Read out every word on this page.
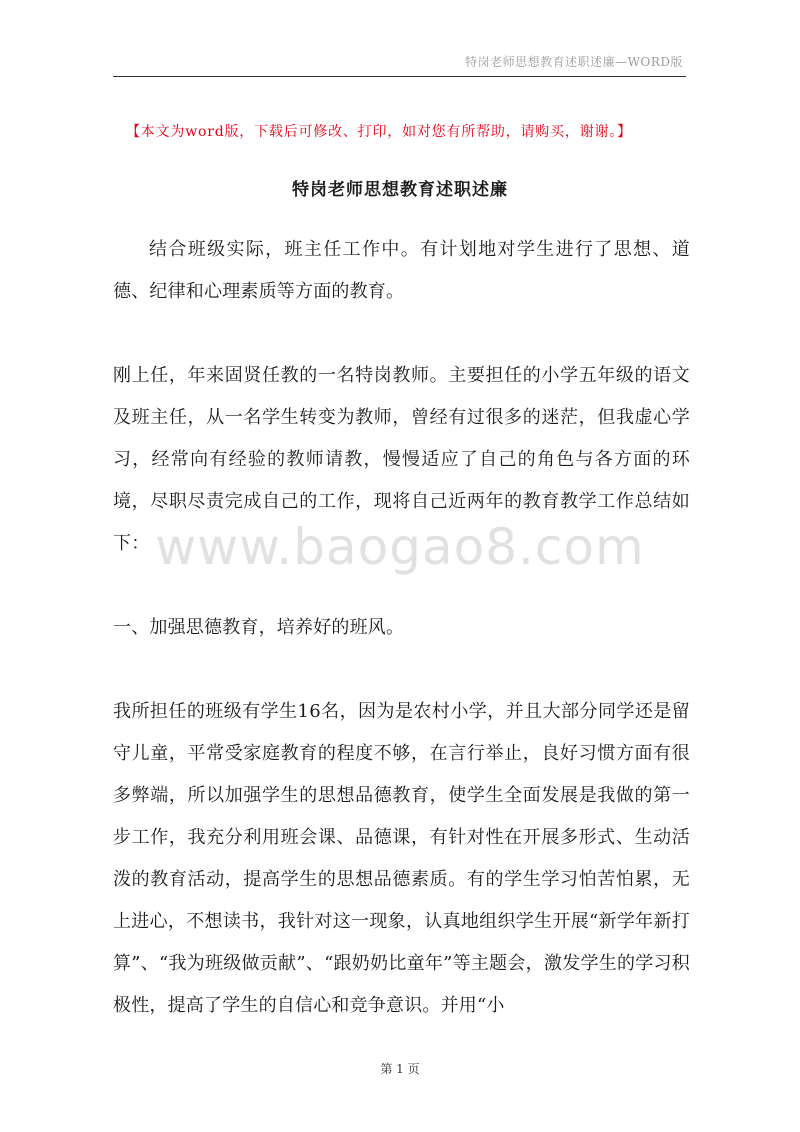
特岗老师思想教育述职述廉—WORD版
【本文为word版，下载后可修改、打印，如对您有所帮助，请购买，谢谢。】
特岗老师思想教育述职述廉

结合班级实际，班主任工作中。有计划地对学生进行了思想、道德、纪律和心理素质等方面的教育。

刚上任，年来固贤任教的一名特岗教师。主要担任的小学五年级的语文及班主任，从一名学生转变为教师，曾经有过很多的迷茫，但我虚心学习，经常向有经验的教师请教，慢慢适应了自己的角色与各方面的环境，尽职尽责完成自己的工作，现将自己近两年的教育教学工作总结如下：

一、加强思德教育，培养好的班风。

我所担任的班级有学生16名，因为是农村小学，并且大部分同学还是留守儿童，平常受家庭教育的程度不够，在言行举止，良好习惯方面有很多弊端，所以加强学生的思想品德教育，使学生全面发展是我做的第一步工作，我充分利用班会课、品德课，有针对性在开展多形式、生动活泼的教育活动，提高学生的思想品德素质。有的学生学习怕苦怕累，无上进心，不想读书，我针对这一现象，认真地组织学生开展“新学年新打算”、“我为班级做贡献”、“跟奶奶比童年”等主题会，激发学生的学习积极性，提高了学生的自信心和竞争意识。并用“小

www.baogao8.com
第 1 页
